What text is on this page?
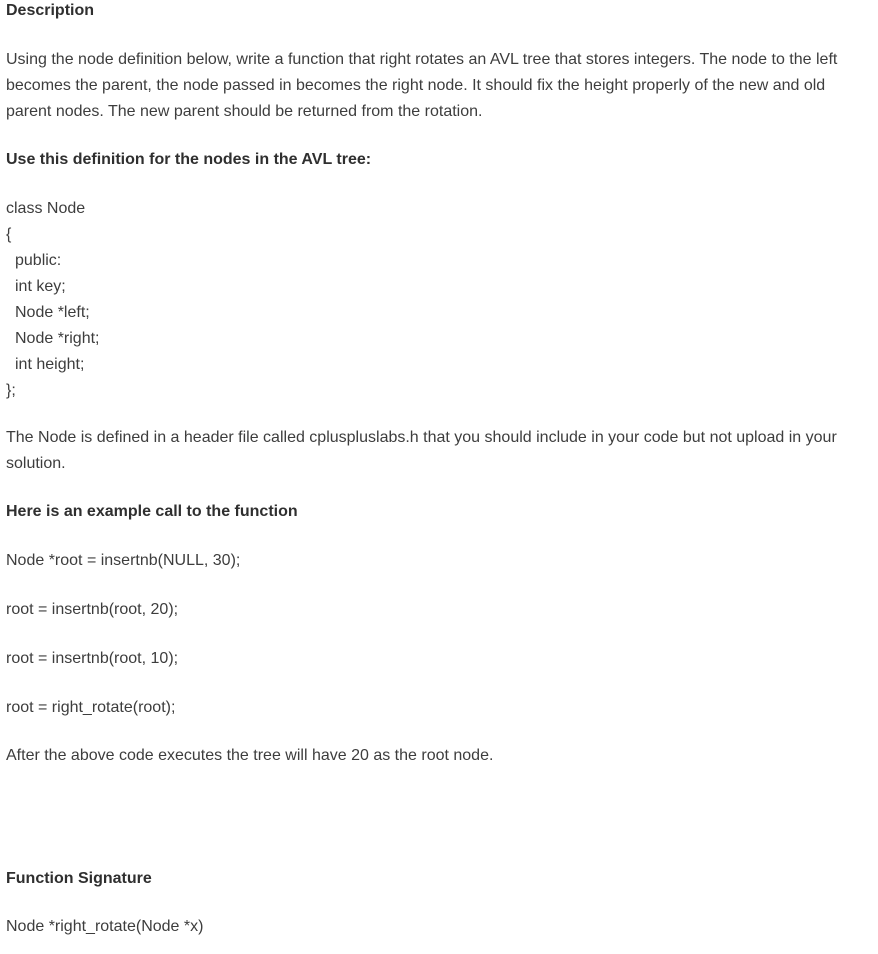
Description

Using the node definition below, write a function that right rotates an AVL tree that stores integers. The node to the left becomes the parent, the node passed in becomes the right node. It should fix the height properly of the new and old parent nodes. The new parent should be returned from the rotation.

Use this definition for the nodes in the AVL tree:

class Node
{
public:
int key;
Node *left;
Node *right;
int height;
};

The Node is defined in a header file called cpluspluslabs.h that you should include in your code but not upload in your solution.

Here is an example call to the function

Node *root = insertnb(NULL, 30);

root = insertnb(root, 20);

root = insertnb(root, 10);

root = right_rotate(root);

After the above code executes the tree will have 20 as the root node.

Function Signature

Node *right_rotate(Node *x)
